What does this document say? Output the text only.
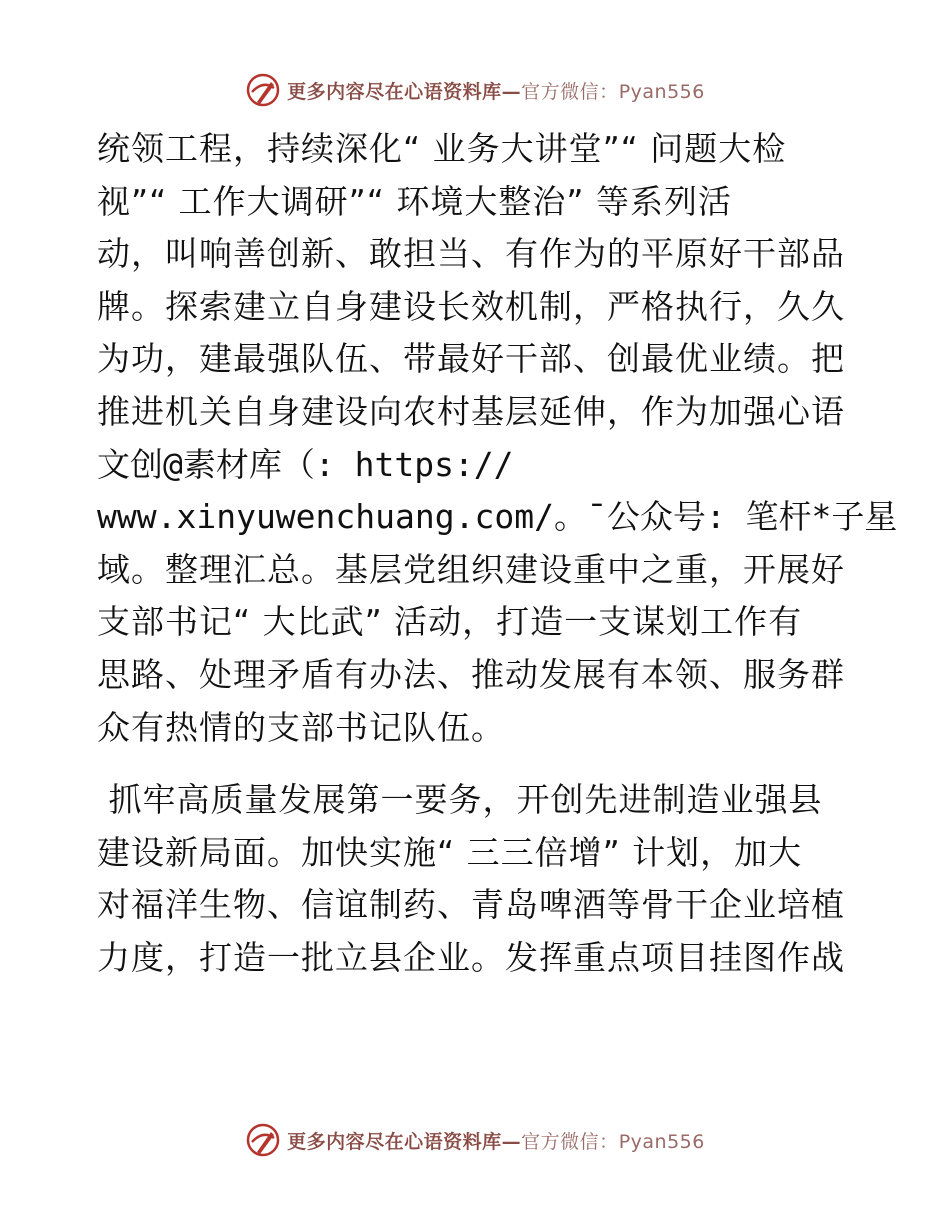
更多内容尽在心语资料库—官方微信：Pyan556
统领工程，持续深化“ 业务大讲堂”“ 问题大检
视”“ 工作大调研”“ 环境大整治” 等系列活
动，叫响善创新、敢担当、有作为的平原好干部品
牌。探索建立自身建设长效机制，严格执行，久久
为功，建最强队伍、带最好干部、创最优业绩。把
推进机关自身建设向农村基层延伸，作为加强心语
文创@素材库（: https://
www.xinyuwenchuang.com/。¯公众号: 笔杆*子星
域。整理汇总。基层党组织建设重中之重，开展好
支部书记“ 大比武” 活动，打造一支谋划工作有
思路、处理矛盾有办法、推动发展有本领、服务群
众有热情的支部书记队伍。
抓牢高质量发展第一要务，开创先进制造业强县
建设新局面。加快实施“ 三三倍增” 计划，加大
对福洋生物、信谊制药、青岛啤酒等骨干企业培植
力度，打造一批立县企业。发挥重点项目挂图作战
更多内容尽在心语资料库—官方微信：Pyan556
